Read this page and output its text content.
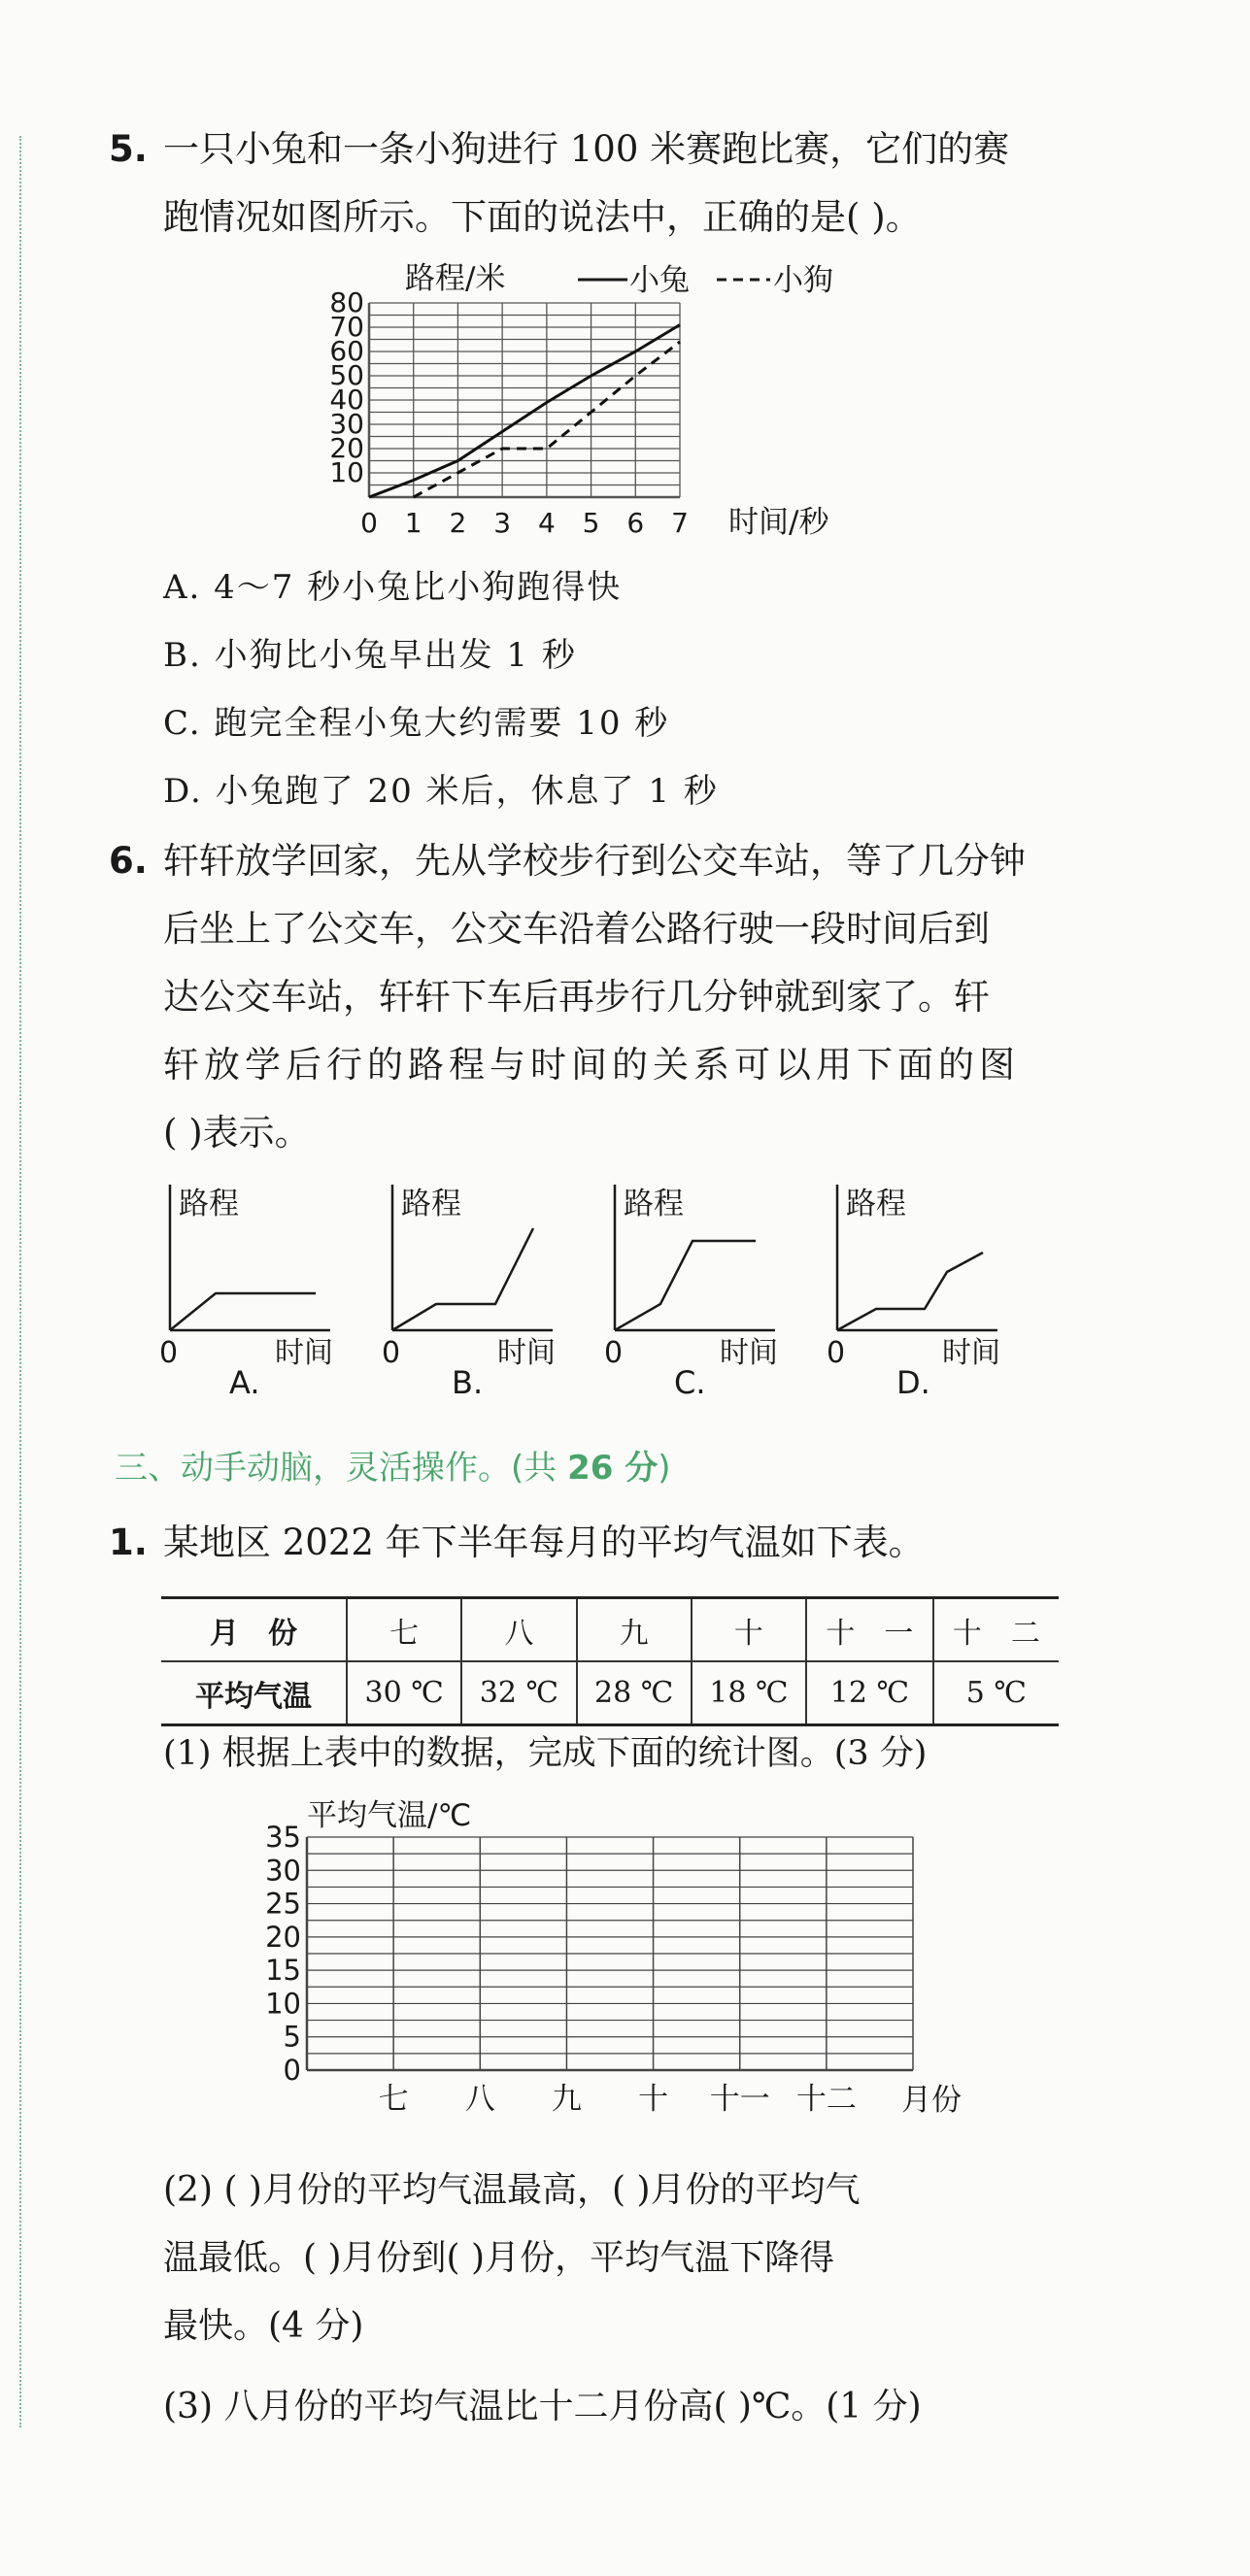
5. 一只小兔和一条小狗进行 100 米赛跑比赛，它们的赛
跑情况如图所示。下面的说法中，正确的是( )。
路程/米	小兔	小狗
10
20
30
40
50
60
70
80
0 1 2 3 4 5 6 7 时间/秒
A. 4～7 秒小兔比小狗跑得快
B. 小狗比小兔早出发 1 秒
C. 跑完全程小兔大约需要 10 秒
D. 小兔跑了 20 米后，休息了 1 秒
6. 轩轩放学回家，先从学校步行到公交车站，等了几分钟
后坐上了公交车，公交车沿着公路行驶一段时间后到
达公交车站，轩轩下车后再步行几分钟就到家了。轩
轩放学后行的路程与时间的关系可以用下面的图
( )表示。
路程
0	时间
A.
路程
0	时间
B.
路程
0	时间
C.
路程
0	时间
D.
三、动手动脑，灵活操作。(共 26 分)
1. 某地区 2022 年下半年每月的平均气温如下表。
月　份	七	八	九	十	十　一	十　二
平均气温	30 ℃	32 ℃	28 ℃	18 ℃	12 ℃	5 ℃
(1) 根据上表中的数据，完成下面的统计图。(3 分)
平均气温/℃
0
5
10
15
20
25
30
35
七 八 九 十 十一 十二 月份
(2) ( )月份的平均气温最高，( )月份的平均气
温最低。( )月份到( )月份，平均气温下降得
最快。(4 分)
(3) 八月份的平均气温比十二月份高( )℃。(1 分)
